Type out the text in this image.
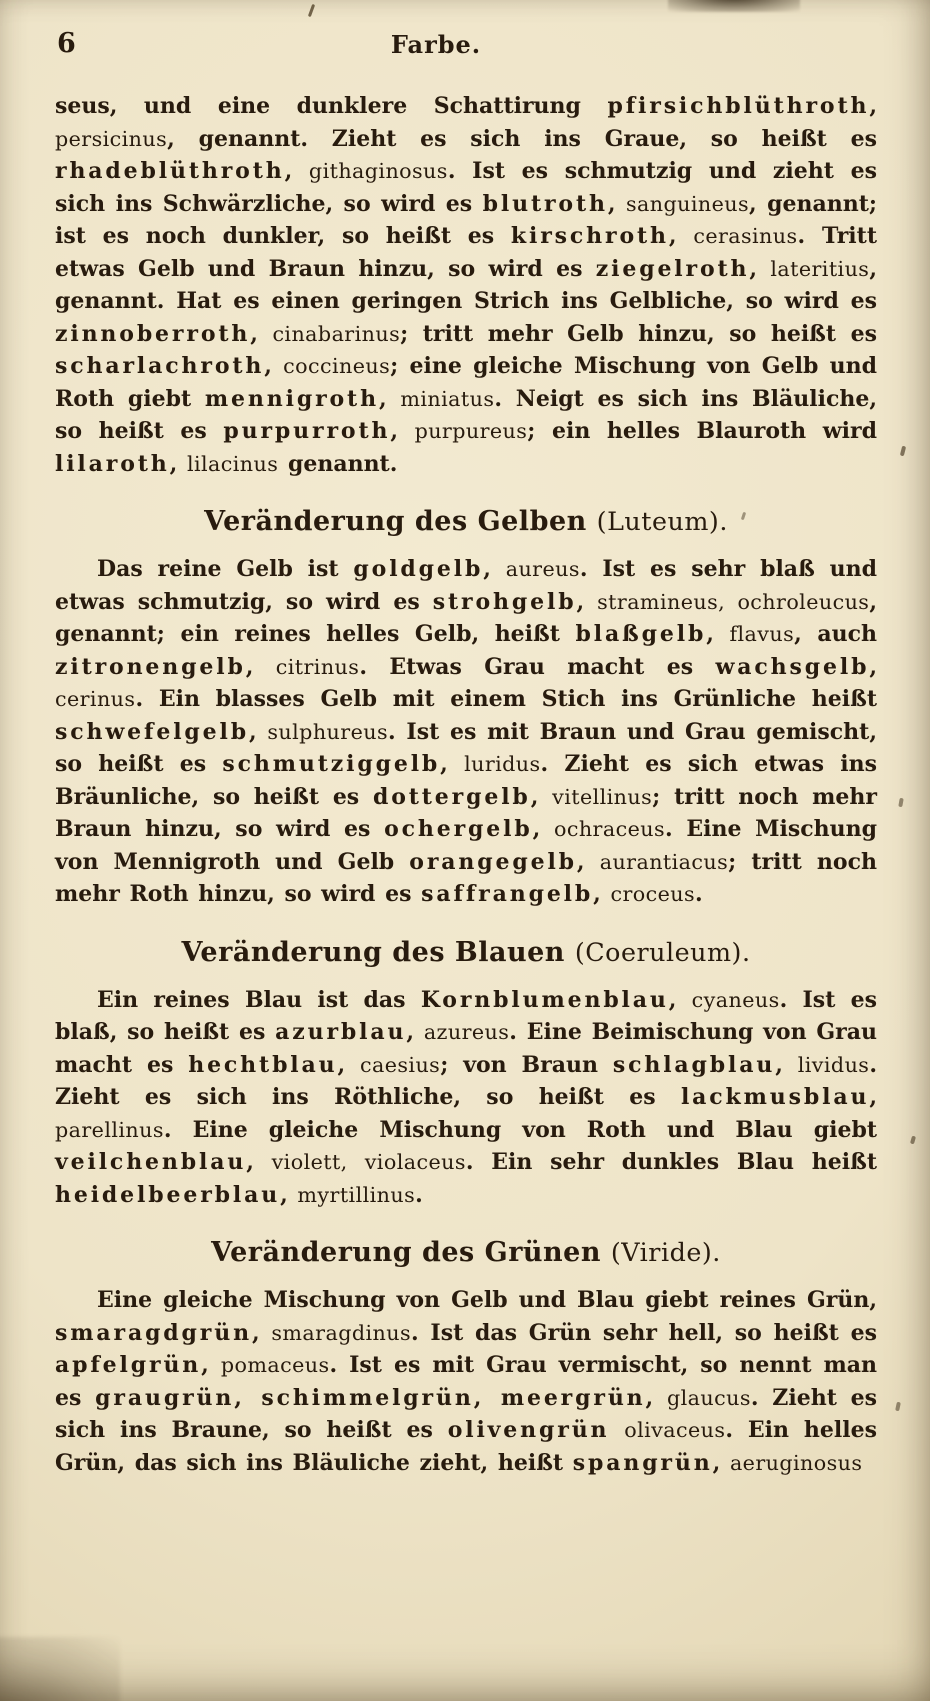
6	Farbe.

seus, und eine dunklere Schattirung pfirsichblüthroth, persicinus, genannt. Zieht es sich ins Graue, so heißt es rhadeblüthroth, githaginosus. Ist es schmutzig und zieht es sich ins Schwärzliche, so wird es blutroth, sanguineus, genannt; ist es noch dunkler, so heißt es kirschroth, cerasinus. Tritt etwas Gelb und Braun hinzu, so wird es ziegelroth, lateritius, genannt. Hat es einen geringen Strich ins Gelbliche, so wird es zinnoberroth, cinabarinus; tritt mehr Gelb hinzu, so heißt es scharlachroth, coccineus; eine gleiche Mischung von Gelb und Roth giebt mennigroth, miniatus. Neigt es sich ins Bläuliche, so heißt es purpurroth, purpureus; ein helles Blauroth wird lilaroth, lilacinus genannt.

Veränderung des Gelben (Luteum).

Das reine Gelb ist goldgelb, aureus. Ist es sehr blaß und etwas schmutzig, so wird es strohgelb, stramineus, ochroleucus, genannt; ein reines helles Gelb, heißt blaßgelb, flavus, auch zitronengelb, citrinus. Etwas Grau macht es wachsgelb, cerinus. Ein blasses Gelb mit einem Stich ins Grünliche heißt schwefelgelb, sulphureus. Ist es mit Braun und Grau gemischt, so heißt es schmutziggelb, luridus. Zieht es sich etwas ins Bräunliche, so heißt es dottergelb, vitellinus; tritt noch mehr Braun hinzu, so wird es ochergelb, ochraceus. Eine Mischung von Mennigroth und Gelb orangegelb, aurantiacus; tritt noch mehr Roth hinzu, so wird es saffrangelb, croceus.

Veränderung des Blauen (Coeruleum).

Ein reines Blau ist das Kornblumenblau, cyaneus. Ist es blaß, so heißt es azurblau, azureus. Eine Beimischung von Grau macht es hechtblau, caesius; von Braun schlagblau, lividus. Zieht es sich ins Röthliche, so heißt es lackmusblau, parellinus. Eine gleiche Mischung von Roth und Blau giebt veilchenblau, violett, violaceus. Ein sehr dunkles Blau heißt heidelbeerblau, myrtillinus.

Veränderung des Grünen (Viride).

Eine gleiche Mischung von Gelb und Blau giebt reines Grün, smaragdgrün, smaragdinus. Ist das Grün sehr hell, so heißt es apfelgrün, pomaceus. Ist es mit Grau vermischt, so nennt man es graugrün, schimmelgrün, meergrün, glaucus. Zieht es sich ins Braune, so heißt es olivengrün olivaceus. Ein helles Grün, das sich ins Bläuliche zieht, heißt spangrün, aeruginosus
